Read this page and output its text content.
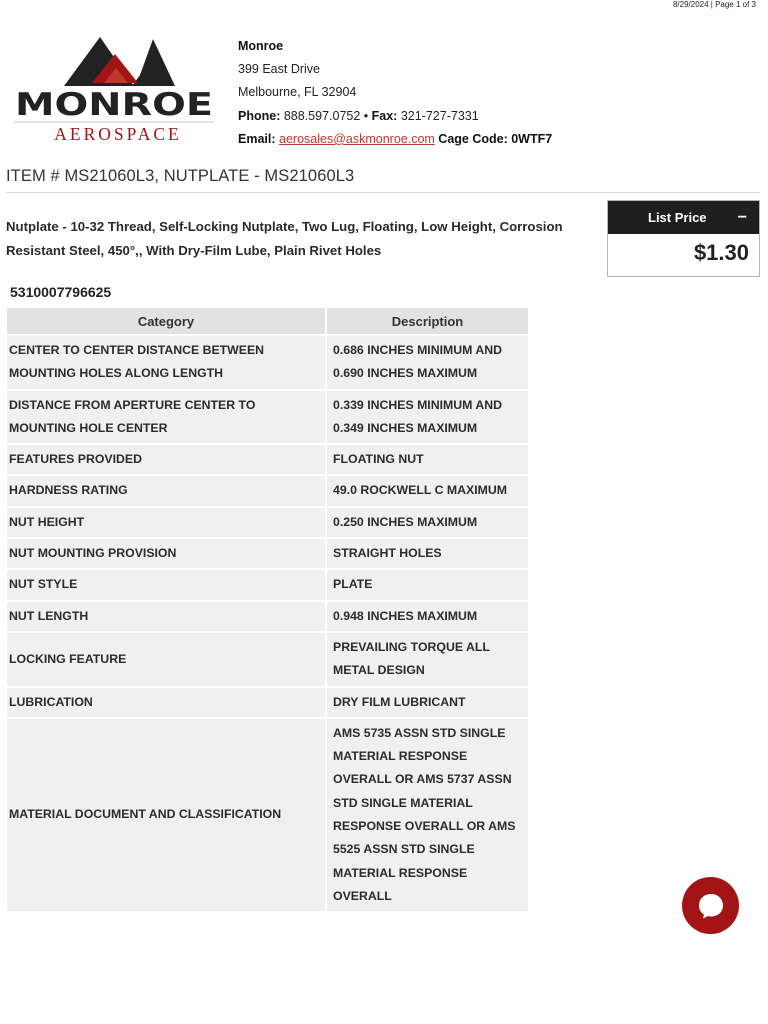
8/29/2024 | Page 1 of 3
MONROE
AEROSPACE
Monroe
399 East Drive
Melbourne, FL 32904
Phone: 888.597.0752 • Fax: 321-727-7331
Email: aerosales@askmonroe.com Cage Code: 0WTF7
ITEM # MS21060L3, NUTPLATE - MS21060L3
Nutplate - 10-32 Thread, Self-Locking Nutplate, Two Lug, Floating, Low Height, Corrosion Resistant Steel, 450°,, With Dry-Film Lube, Plain Rivet Holes
List Price −
$1.30
5310007796625
Category	Description
CENTER TO CENTER DISTANCE BETWEEN MOUNTING HOLES ALONG LENGTH	0.686 INCHES MINIMUM AND 0.690 INCHES MAXIMUM
DISTANCE FROM APERTURE CENTER TO MOUNTING HOLE CENTER	0.339 INCHES MINIMUM AND 0.349 INCHES MAXIMUM
FEATURES PROVIDED	FLOATING NUT
HARDNESS RATING	49.0 ROCKWELL C MAXIMUM
NUT HEIGHT	0.250 INCHES MAXIMUM
NUT MOUNTING PROVISION	STRAIGHT HOLES
NUT STYLE	PLATE
NUT LENGTH	0.948 INCHES MAXIMUM
LOCKING FEATURE	PREVAILING TORQUE ALL METAL DESIGN
LUBRICATION	DRY FILM LUBRICANT
MATERIAL DOCUMENT AND CLASSIFICATION	AMS 5735 ASSN STD SINGLE MATERIAL RESPONSE OVERALL OR AMS 5737 ASSN STD SINGLE MATERIAL RESPONSE OVERALL OR AMS 5525 ASSN STD SINGLE MATERIAL RESPONSE OVERALL
